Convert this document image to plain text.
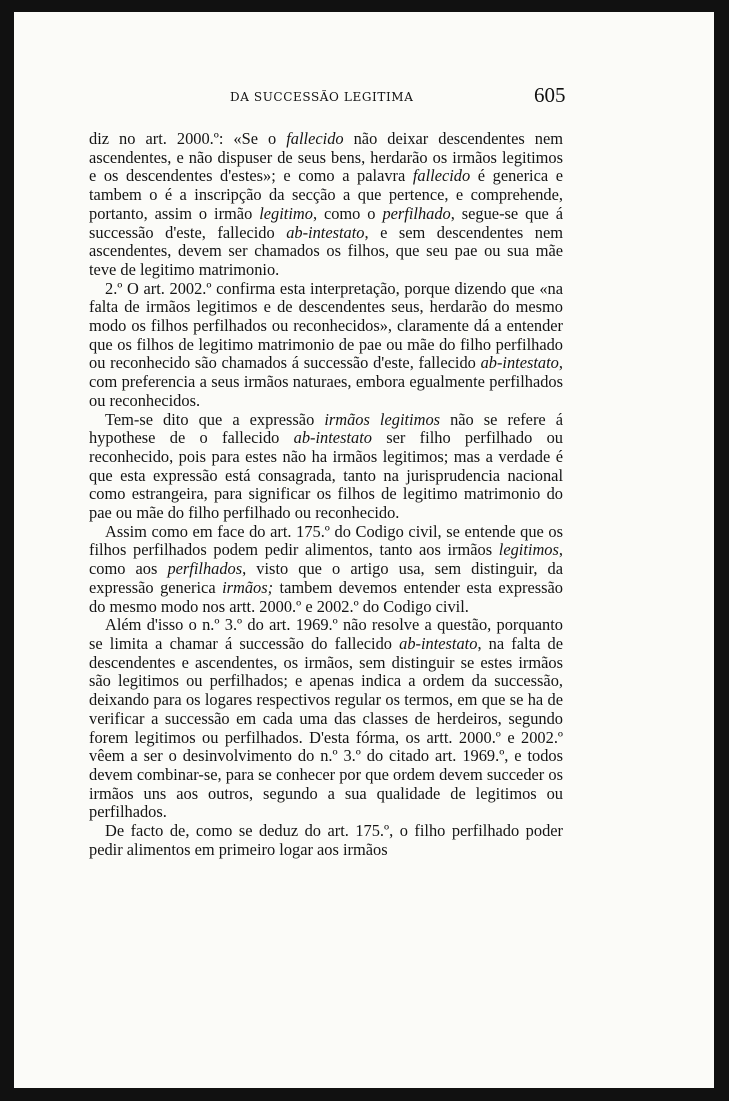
DA SUCCESSÃO LEGITIMA	605

diz no art. 2000.º: «Se o fallecido não deixar descendentes nem ascendentes, e não dispuser de seus bens, herdarão os irmãos legitimos e os descendentes d'estes»; e como a palavra fallecido é generica e tambem o é a inscripção da secção a que pertence, e comprehende, portanto, assim o irmão legitimo, como o perfilhado, segue-se que á successão d'este, fallecido ab-intestato, e sem descendentes nem ascendentes, devem ser chamados os filhos, que seu pae ou sua mãe teve de legitimo matrimonio.

2.º O art. 2002.º confirma esta interpretação, porque dizendo que «na falta de irmãos legitimos e de descendentes seus, herdarão do mesmo modo os filhos perfilhados ou reconhecidos», claramente dá a entender que os filhos de legitimo matrimonio de pae ou mãe do filho perfilhado ou reconhecido são chamados á successão d'este, fallecido ab-intestato, com preferencia a seus irmãos naturaes, embora egualmente perfilhados ou reconhecidos.

Tem-se dito que a expressão irmãos legitimos não se refere á hypothese de o fallecido ab-intestato ser filho perfilhado ou reconhecido, pois para estes não ha irmãos legitimos; mas a verdade é que esta expressão está consagrada, tanto na jurisprudencia nacional como estrangeira, para significar os filhos de legitimo matrimonio do pae ou mãe do filho perfilhado ou reconhecido.

Assim como em face do art. 175.º do Codigo civil, se entende que os filhos perfilhados podem pedir alimentos, tanto aos irmãos legitimos, como aos perfilhados, visto que o artigo usa, sem distinguir, da expressão generica irmãos; tambem devemos entender esta expressão do mesmo modo nos artt. 2000.º e 2002.º do Codigo civil.

Além d'isso o n.º 3.º do art. 1969.º não resolve a questão, porquanto se limita a chamar á successão do fallecido ab-intestato, na falta de descendentes e ascendentes, os irmãos, sem distinguir se estes irmãos são legitimos ou perfilhados; e apenas indica a ordem da successão, deixando para os logares respectivos regular os termos, em que se ha de verificar a successão em cada uma das classes de herdeiros, segundo forem legitimos ou perfilhados. D'esta fórma, os artt. 2000.º e 2002.º vêem a ser o desinvolvimento do n.º 3.º do citado art. 1969.º, e todos devem combinar-se, para se conhecer por que ordem devem succeder os irmãos uns aos outros, segundo a sua qualidade de legitimos ou perfilhados.

De facto de, como se deduz do art. 175.º, o filho perfilhado poder pedir alimentos em primeiro logar aos irmãos
